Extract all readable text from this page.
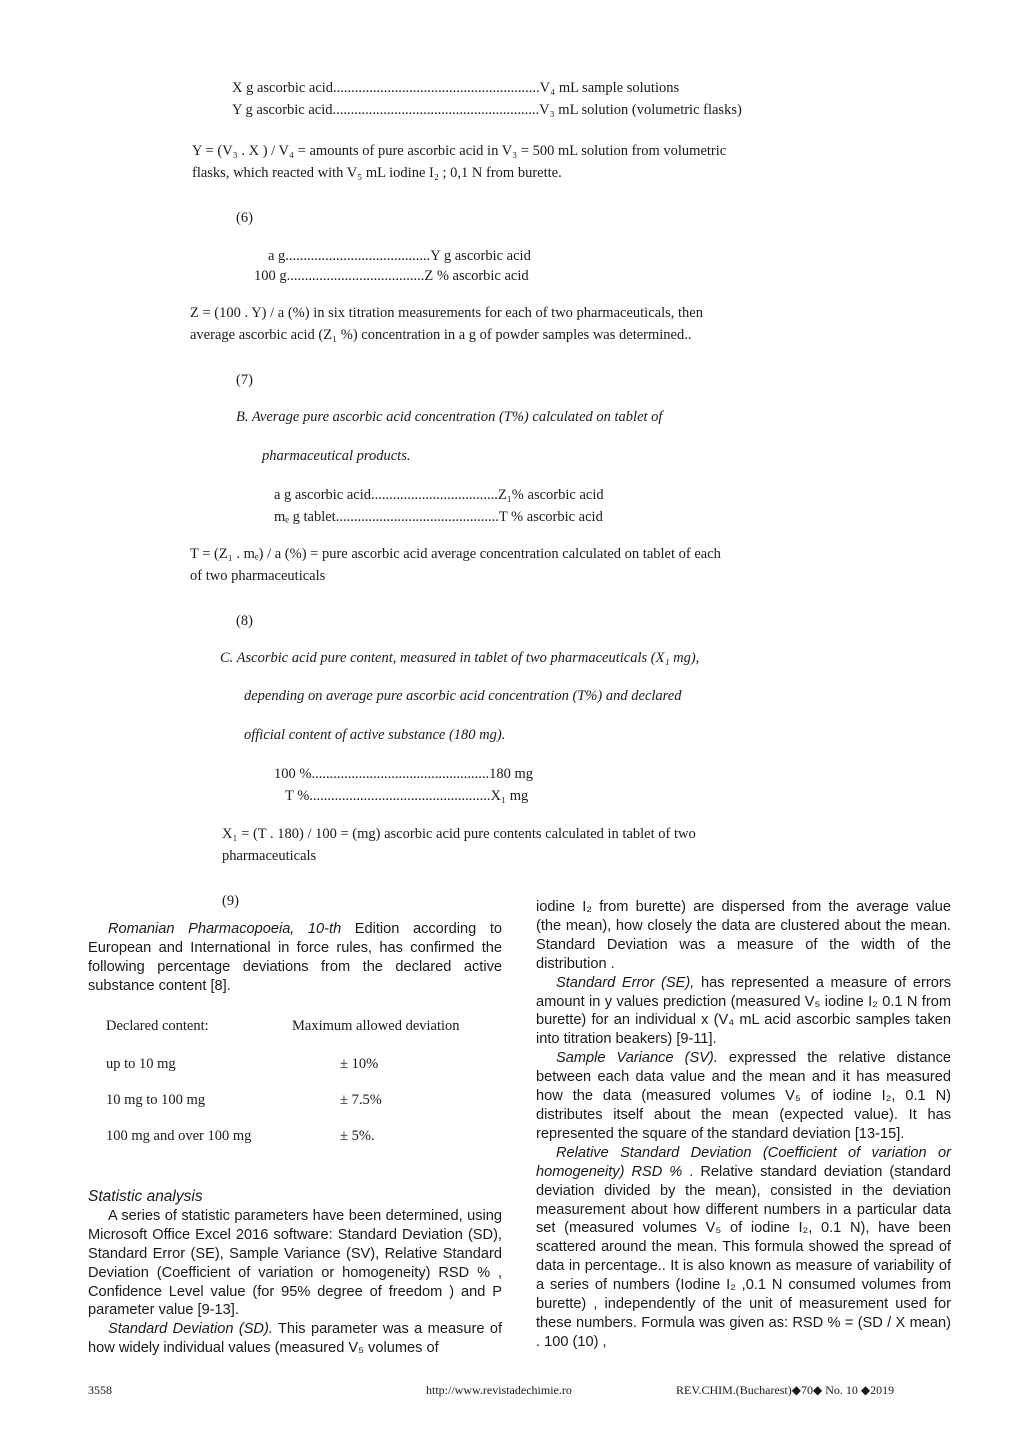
X g ascorbic acid.........................................................V₄ mL sample solutions
Y g ascorbic acid.........................................................V₃ mL solution (volumetric flasks)
Y = (V₃ . X ) / V₄ = amounts of pure ascorbic acid in V₃ = 500 mL solution from volumetric
flasks, which reacted with V₅ mL iodine I₂ ; 0,1 N from burette.
(6)
a g........................................Y g ascorbic acid
100 g......................................Z % ascorbic acid
Z = (100 . Y) / a (%) in six titration measurements for each of two pharmaceuticals, then
average ascorbic acid (Z₁ %) concentration in a g of powder samples was determined..
(7)
B. Average pure ascorbic acid concentration (T%) calculated on tablet of
pharmaceutical products.
a g ascorbic acid...................................Z₁% ascorbic acid
mₑ g tablet.............................................T % ascorbic acid
T = (Z₁ . mₑ) / a (%) = pure ascorbic acid average concentration calculated on tablet of each
of two pharmaceuticals
(8)
C. Ascorbic acid pure content, measured in tablet of two pharmaceuticals (X₁ mg),
depending on average pure ascorbic acid concentration (T%) and declared
official content of active substance (180 mg).
100 %.................................................180 mg
T %..................................................X₁ mg
X₁ = (T . 180) / 100 = (mg) ascorbic acid pure contents calculated in tablet of two
pharmaceuticals
(9)

Romanian Pharmacopoeia, 10-th Edition according to European and International in force rules, has confirmed the following percentage deviations from the declared active substance content [8].

Declared content:	Maximum allowed deviation
up to 10 mg	± 10%
10 mg to 100 mg	± 7.5%
100 mg and over 100 mg	± 5%.

Statistic analysis

A series of statistic parameters have been determined, using Microsoft Office Excel 2016 software: Standard Deviation (SD), Standard Error (SE), Sample Variance (SV), Relative Standard Deviation (Coefficient of variation or homogeneity) RSD % , Confidence Level value (for 95% degree of freedom ) and P parameter value [9-13].

Standard Deviation (SD). This parameter was a measure of how widely individual values (measured V₅ volumes of

iodine I₂ from burette) are dispersed from the average value (the mean), how closely the data are clustered about the mean. Standard Deviation was a measure of the width of the distribution .

Standard Error (SE), has represented a measure of errors amount in y values prediction (measured V₅ iodine I₂ 0.1 N from burette) for an individual x (V₄ mL acid ascorbic samples taken into titration beakers) [9-11].

Sample Variance (SV). expressed the relative distance between each data value and the mean and it has measured how the data (measured volumes V₅ of iodine I₂, 0.1 N) distributes itself about the mean (expected value). It has represented the square of the standard deviation [13-15].

Relative Standard Deviation (Coefficient of variation or homogeneity) RSD % . Relative standard deviation (standard deviation divided by the mean), consisted in the deviation measurement about how different numbers in a particular data set (measured volumes V₅ of iodine I₂, 0.1 N), have been scattered around the mean. This formula showed the spread of data in percentage.. It is also known as measure of variability of a series of numbers (Iodine I₂ ,0.1 N consumed volumes from burette) , independently of the unit of measurement used for these numbers. Formula was given as: RSD % = (SD / X mean) . 100 (10) ,

3558	http://www.revistadechimie.ro	REV.CHIM.(Bucharest)◆70◆ No. 10 ◆2019
